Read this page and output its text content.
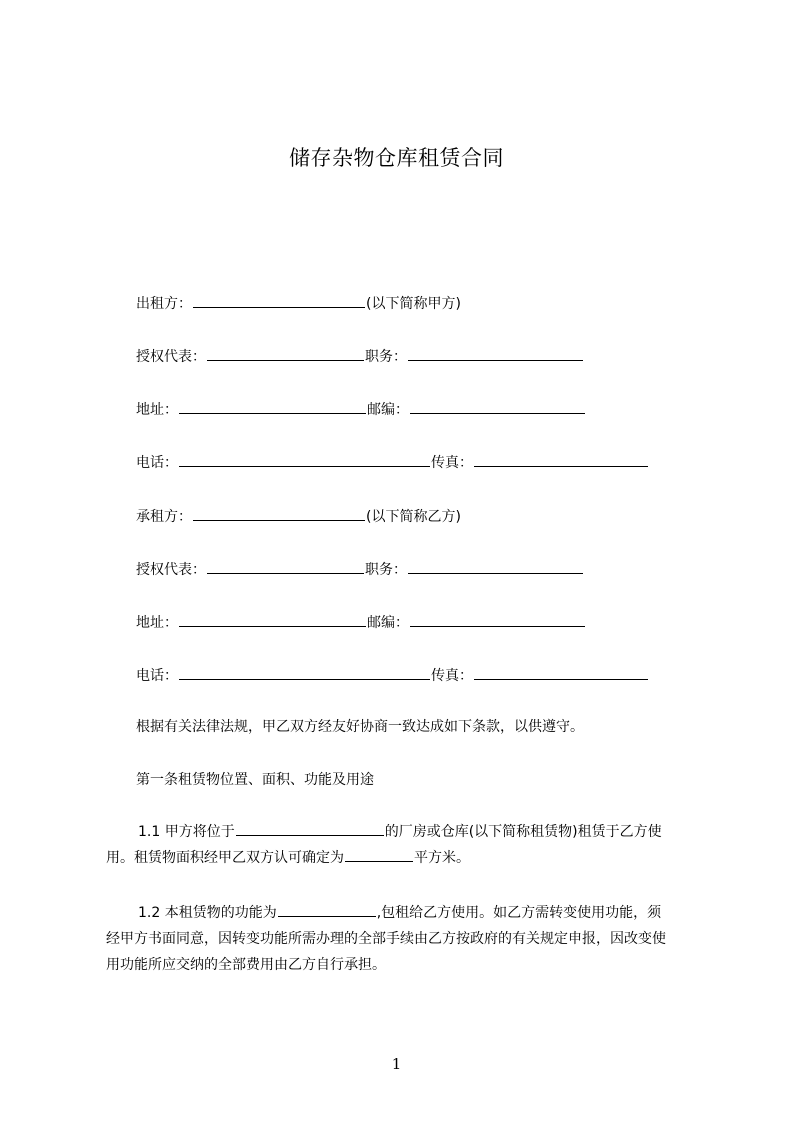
储存杂物仓库租赁合同
出租方：	(以下简称甲方)
授权代表：	职务：
地址：	邮编：
电话：	传真：
承租方：	(以下简称乙方)
授权代表：	职务：
地址：	邮编：
电话：	传真：
根据有关法律法规，甲乙双方经友好协商一致达成如下条款，以供遵守。
第一条租赁物位置、面积、功能及用途

1.1 甲方将位于	的厂房或仓库(以下简称租赁物)租赁于乙方使用。租赁物面积经甲乙双方认可确定为	平方米。

1.2 本租赁物的功能为	,包租给乙方使用。如乙方需转变使用功能，须经甲方书面同意，因转变功能所需办理的全部手续由乙方按政府的有关规定申报，因改变使用功能所应交纳的全部费用由乙方自行承担。

1
